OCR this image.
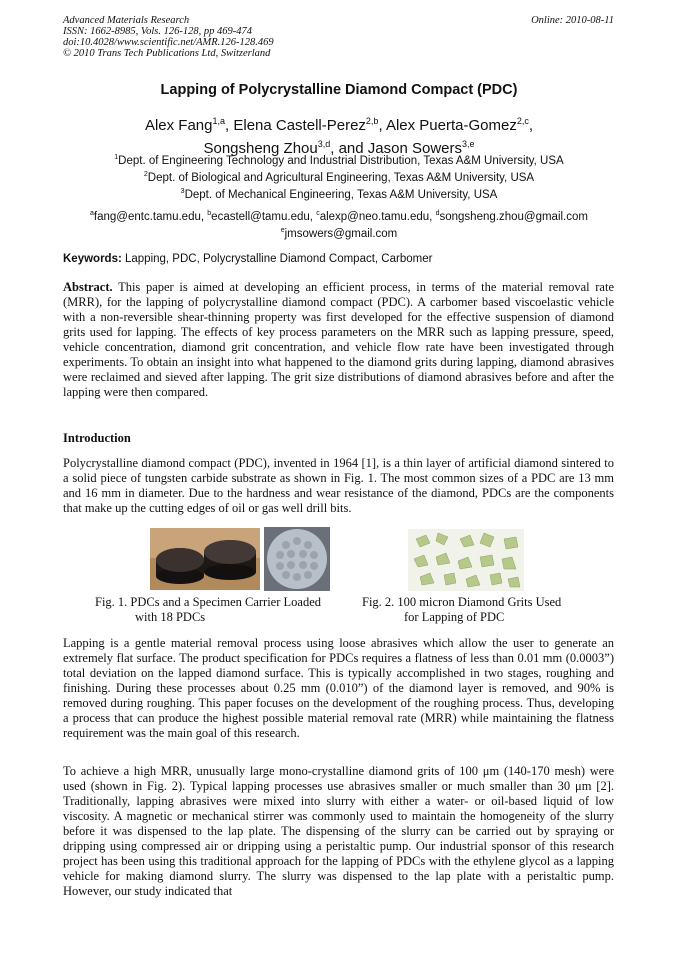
Advanced Materials Research
ISSN: 1662-8985, Vols. 126-128, pp 469-474
doi:10.4028/www.scientific.net/AMR.126-128.469
© 2010 Trans Tech Publications Ltd, Switzerland
Online: 2010-08-11
Lapping of Polycrystalline Diamond Compact (PDC)
Alex Fang$^{1,a}$, Elena Castell-Perez$^{2,b}$, Alex Puerta-Gomez$^{2,c}$,
Songsheng Zhou$^{3,d}$, and Jason Sowers$^{3,e}$
$^1$Dept. of Engineering Technology and Industrial Distribution, Texas A&M University, USA
$^2$Dept. of Biological and Agricultural Engineering, Texas A&M University, USA
$^3$Dept. of Mechanical Engineering, Texas A&M University, USA
$^a$fang@entc.tamu.edu, $^b$ecastell@tamu.edu, $^c$alexp@neo.tamu.edu, $^d$songsheng.zhou@gmail.com
$^e$jmsowers@gmail.com
Keywords: Lapping, PDC, Polycrystalline Diamond Compact, Carbomer
Abstract. This paper is aimed at developing an efficient process, in terms of the material removal rate (MRR), for the lapping of polycrystalline diamond compact (PDC). A carbomer based viscoelastic vehicle with a non-reversible shear-thinning property was first developed for the effective suspension of diamond grits used for lapping. The effects of key process parameters on the MRR such as lapping pressure, speed, vehicle concentration, diamond grit concentration, and vehicle flow rate have been investigated through experiments. To obtain an insight into what happened to the diamond grits during lapping, diamond abrasives were reclaimed and sieved after lapping. The grit size distributions of diamond abrasives before and after the lapping were then compared.
Introduction
Polycrystalline diamond compact (PDC), invented in 1964 [1], is a thin layer of artificial diamond sintered to a solid piece of tungsten carbide substrate as shown in Fig. 1. The most common sizes of a PDC are 13 mm and 16 mm in diameter. Due to the hardness and wear resistance of the diamond, PDCs are the components that make up the cutting edges of oil or gas well drill bits.
Fig. 1. PDCs and a Specimen Carrier Loaded
with 18 PDCs
Fig. 2. 100 micron Diamond Grits Used
for Lapping of PDC
Lapping is a gentle material removal process using loose abrasives which allow the user to generate an extremely flat surface. The product specification for PDCs requires a flatness of less than 0.01 mm (0.0003”) total deviation on the lapped diamond surface. This is typically accomplished in two stages, roughing and finishing. During these processes about 0.25 mm (0.010”) of the diamond layer is removed, and 90% is removed during roughing. This paper focuses on the development of the roughing process. Thus, developing a process that can produce the highest possible material removal rate (MRR) while maintaining the flatness requirement was the main goal of this research.
To achieve a high MRR, unusually large mono-crystalline diamond grits of 100 μm (140-170 mesh) were used (shown in Fig. 2). Typical lapping processes use abrasives smaller or much smaller than 30 μm [2]. Traditionally, lapping abrasives were mixed into slurry with either a water- or oil-based liquid of low viscosity. A magnetic or mechanical stirrer was commonly used to maintain the homogeneity of the slurry before it was dispensed to the lap plate. The dispensing of the slurry can be carried out by spraying or dripping using compressed air or dripping using a peristaltic pump. Our industrial sponsor of this research project has been using this traditional approach for the lapping of PDCs with the ethylene glycol as a lapping vehicle for making diamond slurry. The slurry was dispensed to the lap plate with a peristaltic pump. However, our study indicated that
